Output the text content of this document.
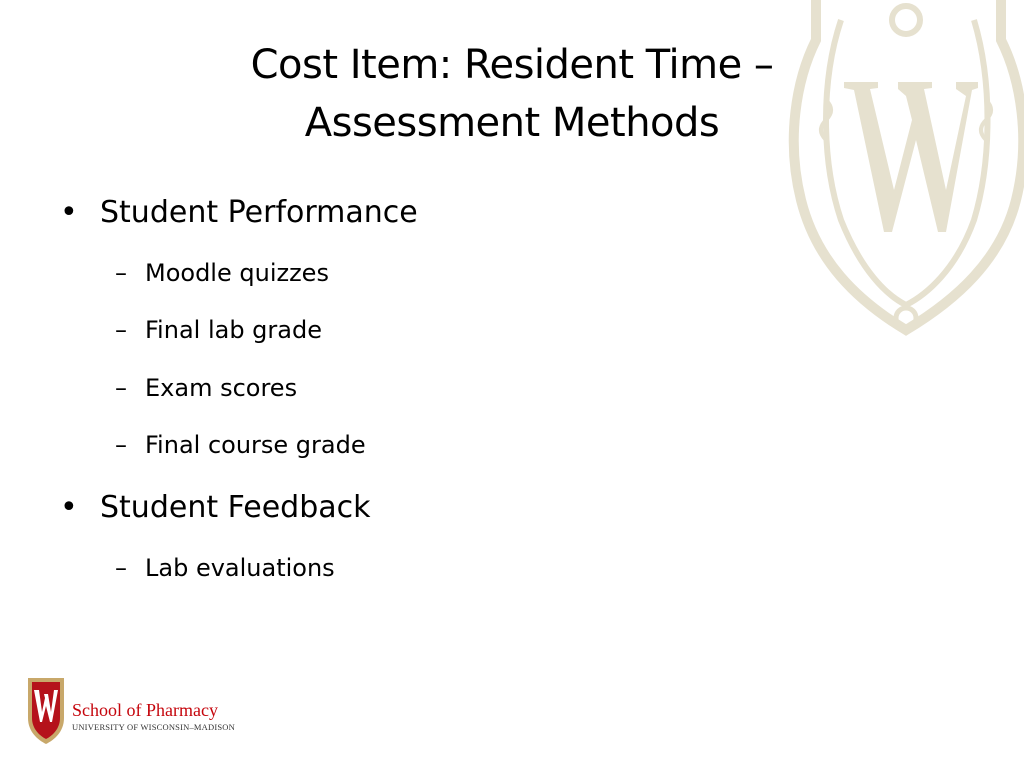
Cost Item: Resident Time –
Assessment Methods
• Student Performance
– Moodle quizzes
– Final lab grade
– Exam scores
– Final course grade
• Student Feedback
– Lab evaluations
School of Pharmacy
UNIVERSITY OF WISCONSIN–MADISON
